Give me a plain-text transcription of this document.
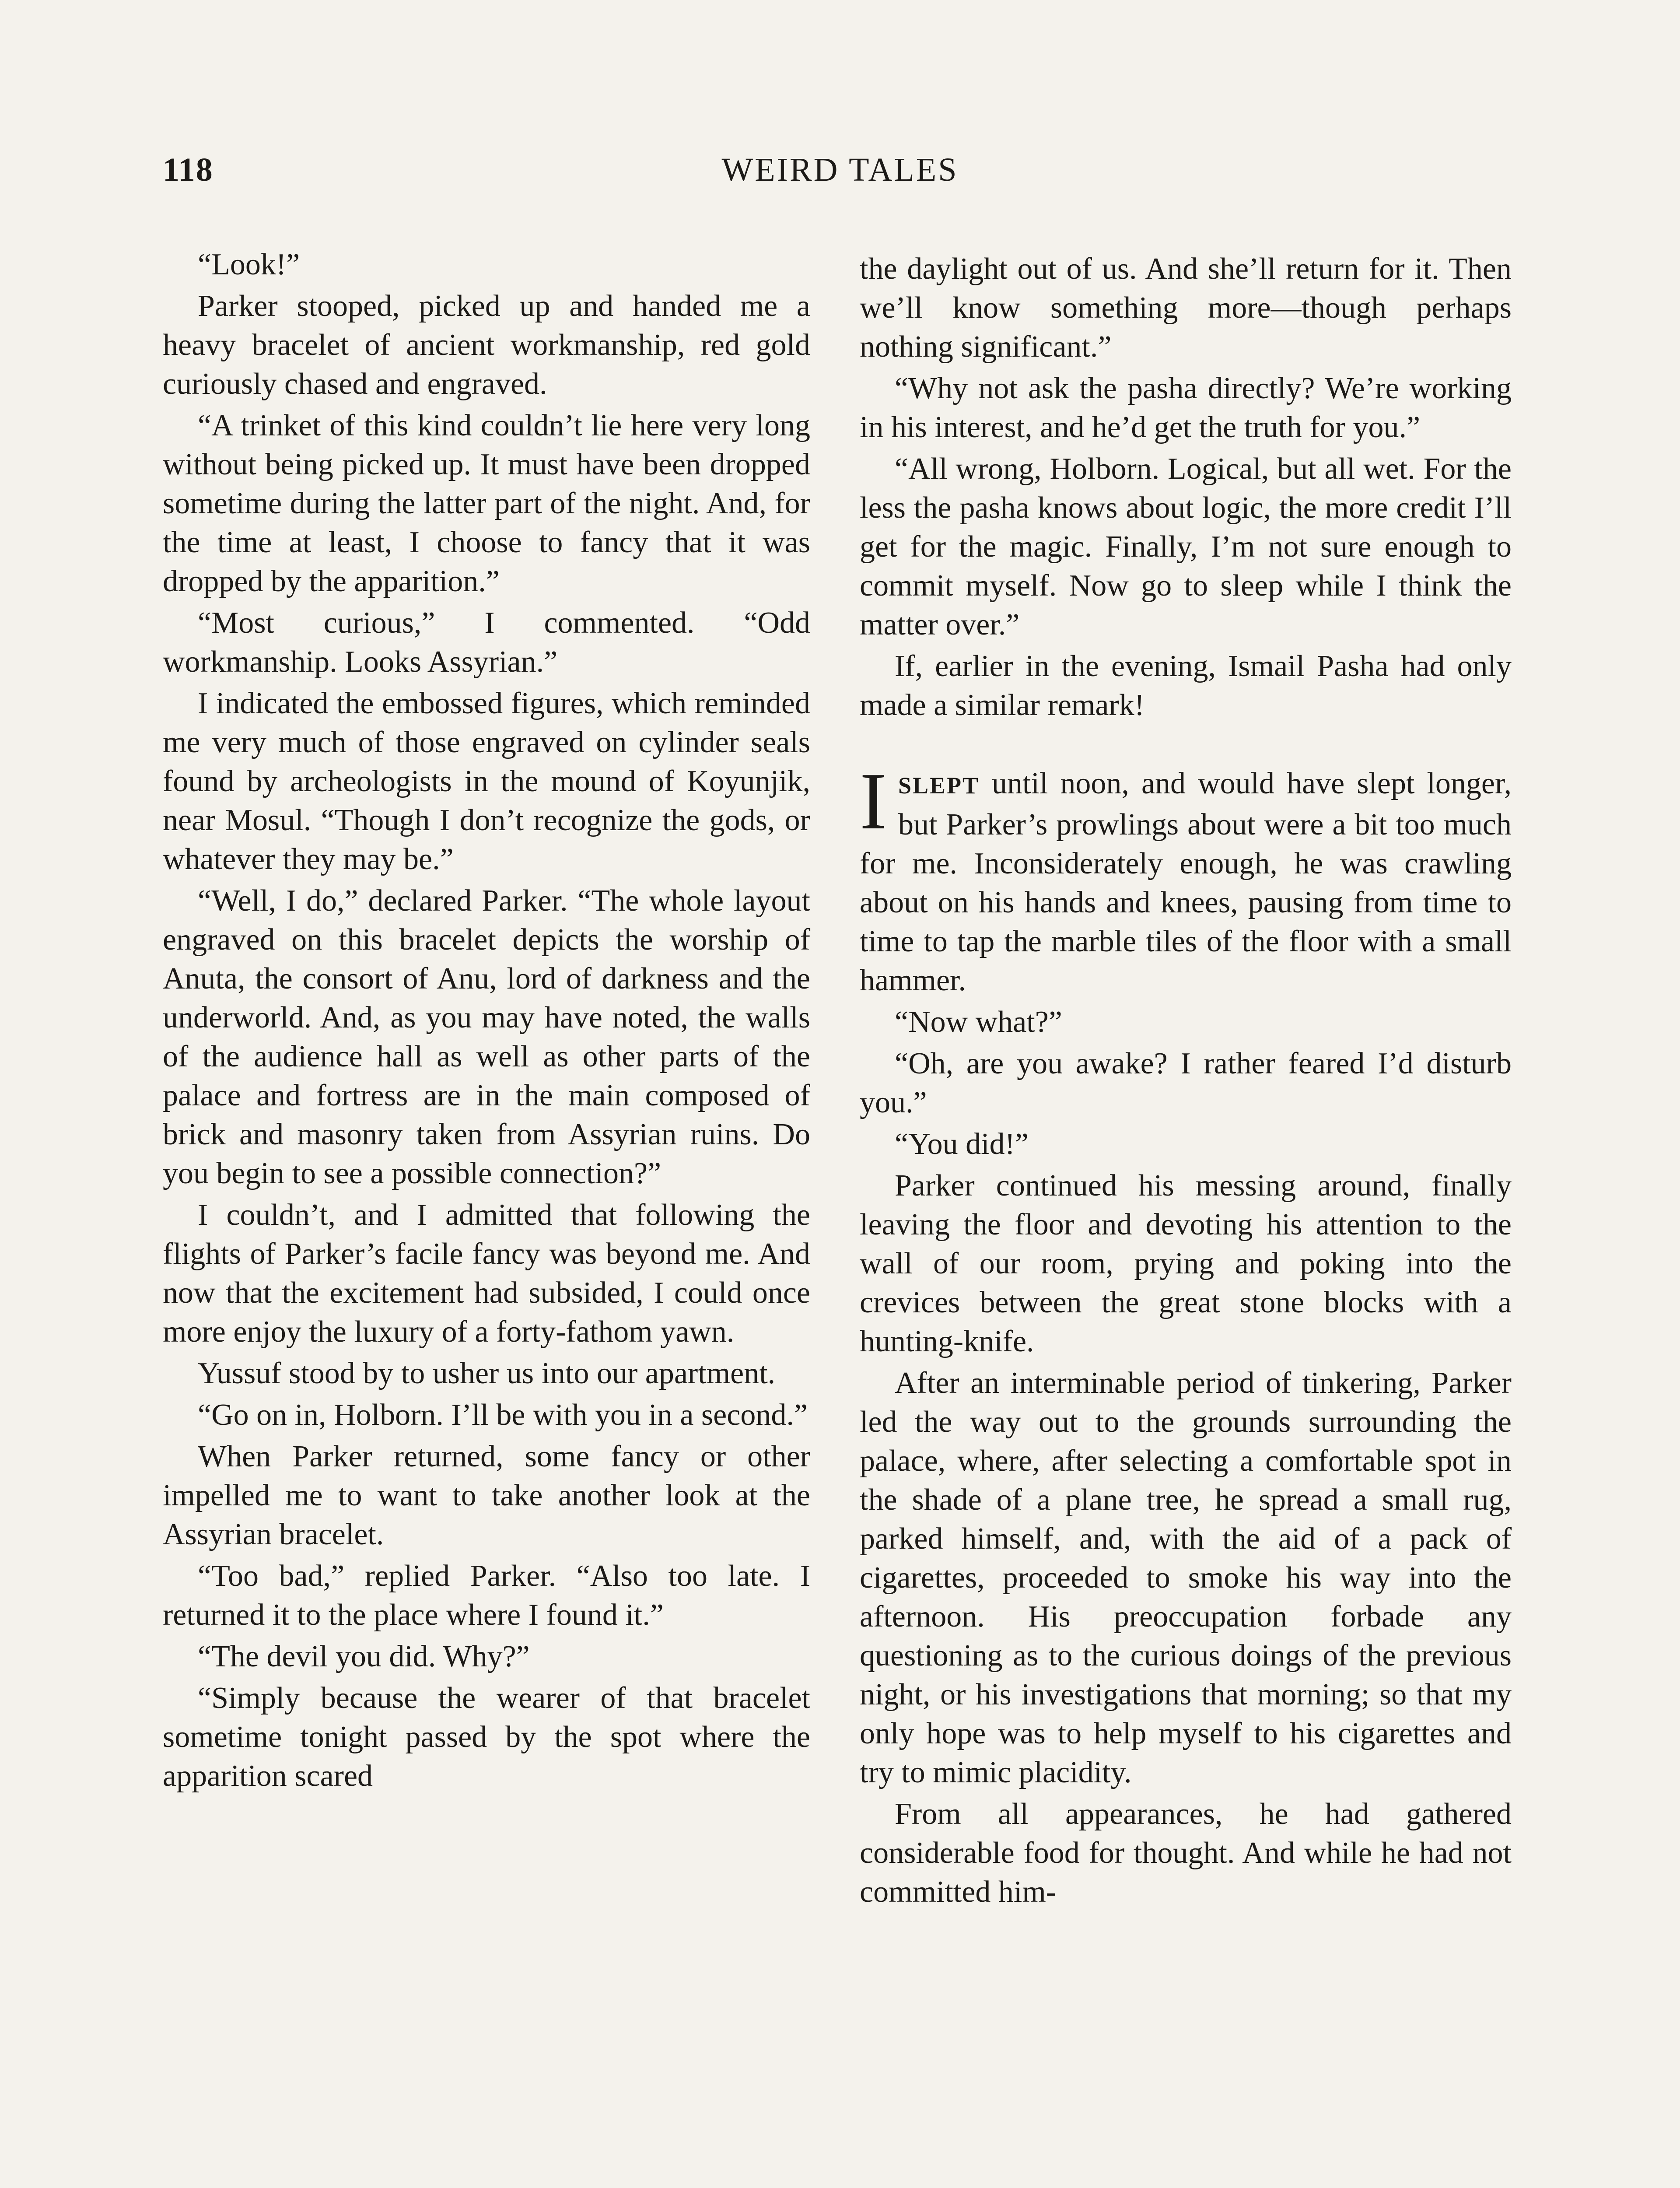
118	WEIRD TALES

“Look!”

Parker stooped, picked up and handed me a heavy bracelet of ancient workmanship, red gold curiously chased and engraved.

“A trinket of this kind couldn’t lie here very long without being picked up. It must have been dropped sometime during the latter part of the night. And, for the time at least, I choose to fancy that it was dropped by the apparition.”

“Most curious,” I commented. “Odd workmanship. Looks Assyrian.”

I indicated the embossed figures, which reminded me very much of those engraved on cylinder seals found by archeologists in the mound of Koyunjik, near Mosul. “Though I don’t recognize the gods, or whatever they may be.”

“Well, I do,” declared Parker. “The whole layout engraved on this bracelet depicts the worship of Anuta, the consort of Anu, lord of darkness and the underworld. And, as you may have noted, the walls of the audience hall as well as other parts of the palace and fortress are in the main composed of brick and masonry taken from Assyrian ruins. Do you begin to see a possible connection?”

I couldn’t, and I admitted that following the flights of Parker’s facile fancy was beyond me. And now that the excitement had subsided, I could once more enjoy the luxury of a forty-fathom yawn.

Yussuf stood by to usher us into our apartment.

“Go on in, Holborn. I’ll be with you in a second.”

When Parker returned, some fancy or other impelled me to want to take another look at the Assyrian bracelet.

“Too bad,” replied Parker. “Also too late. I returned it to the place where I found it.”

“The devil you did. Why?”

“Simply because the wearer of that bracelet sometime tonight passed by the spot where the apparition scared

the daylight out of us. And she’ll return for it. Then we’ll know something more—though perhaps nothing significant.”

“Why not ask the pasha directly? We’re working in his interest, and he’d get the truth for you.”

“All wrong, Holborn. Logical, but all wet. For the less the pasha knows about logic, the more credit I’ll get for the magic. Finally, I’m not sure enough to commit myself. Now go to sleep while I think the matter over.”

If, earlier in the evening, Ismail Pasha had only made a similar remark!

ISLEPT until noon, and would have slept longer, but Parker’s prowlings about were a bit too much for me. Inconsiderately enough, he was crawling about on his hands and knees, pausing from time to time to tap the marble tiles of the floor with a small hammer.

“Now what?”

“Oh, are you awake? I rather feared I’d disturb you.”

“You did!”

Parker continued his messing around, finally leaving the floor and devoting his attention to the wall of our room, prying and poking into the crevices between the great stone blocks with a hunting-knife.

After an interminable period of tinkering, Parker led the way out to the grounds surrounding the palace, where, after selecting a comfortable spot in the shade of a plane tree, he spread a small rug, parked himself, and, with the aid of a pack of cigarettes, proceeded to smoke his way into the afternoon. His preoccupation forbade any questioning as to the curious doings of the previous night, or his investigations that morning; so that my only hope was to help myself to his cigarettes and try to mimic placidity.

From all appearances, he had gathered considerable food for thought. And while he had not committed him-
